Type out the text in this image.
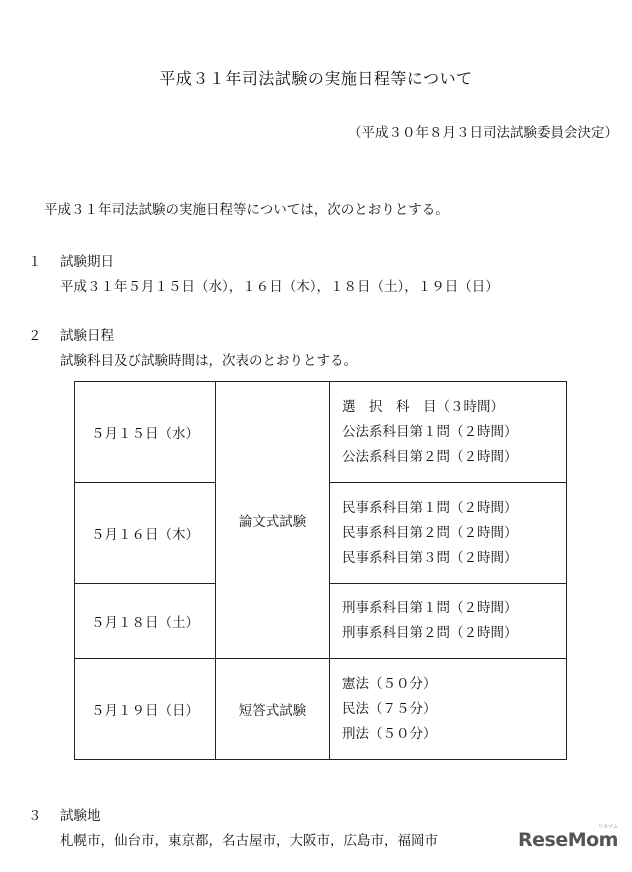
平成３１年司法試験の実施日程等について
（平成３０年８月３日司法試験委員会決定）
平成３１年司法試験の実施日程等については，次のとおりとする。
１ 試験期日
平成３１年５月１５日（水），１６日（木），１８日（土），１９日（日）
２ 試験日程
試験科目及び試験時間は，次表のとおりとする。
５月１５日（水）	論文式試験	選　択　科　目（３時間）
公法系科目第１問（２時間）
公法系科目第２問（２時間）

５月１６日（木）		民事系科目第１問（２時間）
民事系科目第２問（２時間）
民事系科目第３問（２時間）

５月１８日（土）		刑事系科目第１問（２時間）
刑事系科目第２問（２時間）

５月１９日（日）	短答式試験	憲法（５０分）
民法（７５分）
刑法（５０分）
３ 試験地
札幌市，仙台市，東京都，名古屋市，大阪市，広島市，福岡市
リセマム
ReseMom
